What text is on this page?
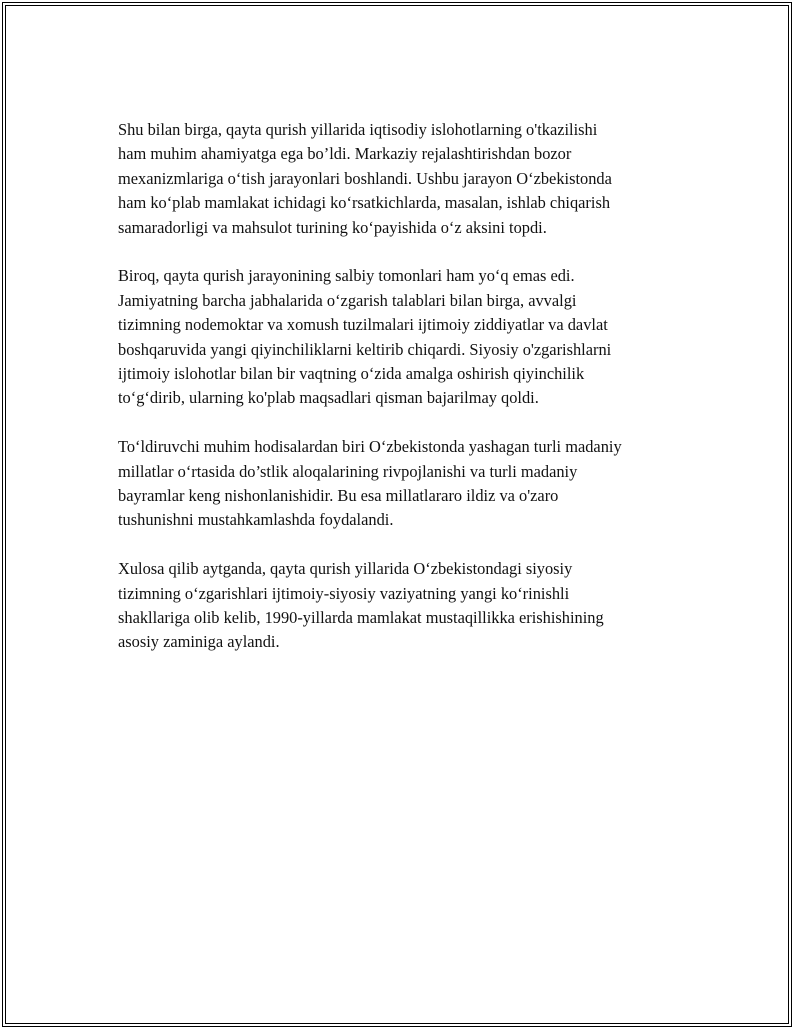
Shu bilan birga, qayta qurish yillarida iqtisodiy islohotlarning o'tkazilishi
ham muhim ahamiyatga ega bo’ldi. Markaziy rejalashtirishdan bozor
mexanizmlariga o‘tish jarayonlari boshlandi. Ushbu jarayon O‘zbekistonda
ham ko‘plab mamlakat ichidagi ko‘rsatkichlarda, masalan, ishlab chiqarish
samaradorligi va mahsulot turining ko‘payishida o‘z aksini topdi.

Biroq, qayta qurish jarayonining salbiy tomonlari ham yo‘q emas edi.
Jamiyatning barcha jabhalarida o‘zgarish talablari bilan birga, avvalgi
tizimning nodemoktar va xomush tuzilmalari ijtimoiy ziddiyatlar va davlat
boshqaruvida yangi qiyinchiliklarni keltirib chiqardi. Siyosiy o'zgarishlarni
ijtimoiy islohotlar bilan bir vaqtning o‘zida amalga oshirish qiyinchilik
to‘g‘dirib, ularning ko'plab maqsadlari qisman bajarilmay qoldi.

To‘ldiruvchi muhim hodisalardan biri O‘zbekistonda yashagan turli madaniy
millatlar o‘rtasida do’stlik aloqalarining rivpojlanishi va turli madaniy
bayramlar keng nishonlanishidir. Bu esa millatlararo ildiz va o'zaro
tushunishni mustahkamlashda foydalandi.

Xulosa qilib aytganda, qayta qurish yillarida O‘zbekistondagi siyosiy
tizimning o‘zgarishlari ijtimoiy-siyosiy vaziyatning yangi ko‘rinishli
shakllariga olib kelib, 1990-yillarda mamlakat mustaqillikka erishishining
asosiy zaminiga aylandi.
